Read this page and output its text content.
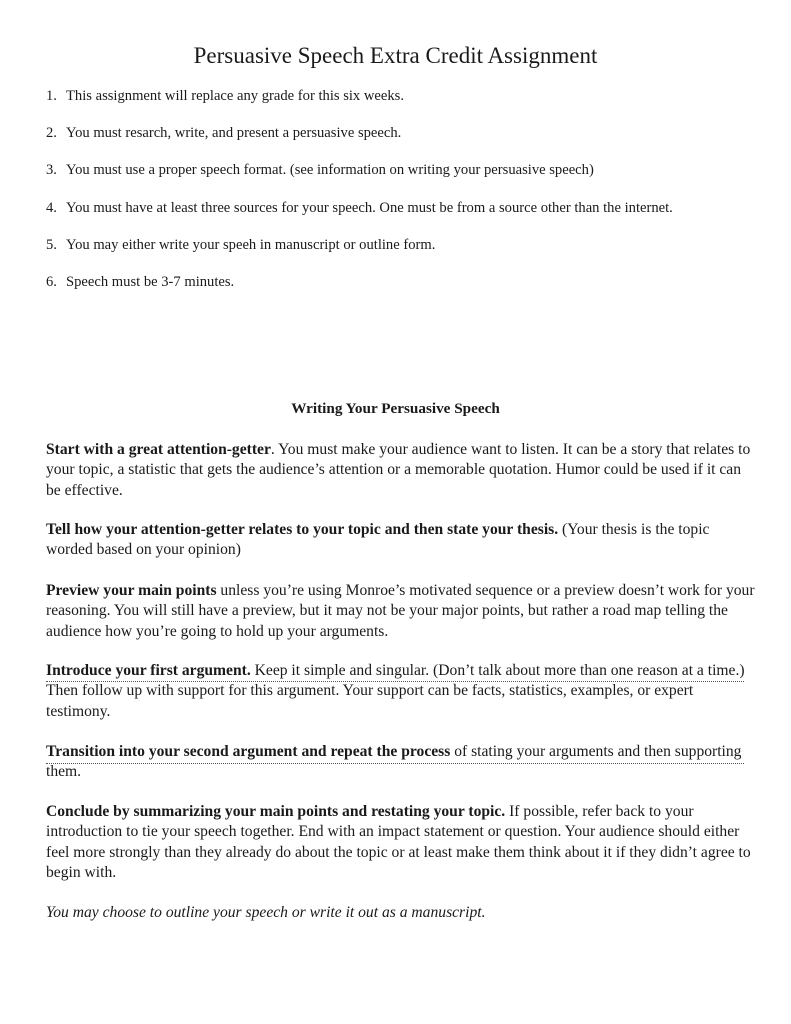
Persuasive Speech Extra Credit Assignment
1. This assignment will replace any grade for this six weeks.
2. You must resarch, write, and present a persuasive speech.
3. You must use a proper speech format. (see information on writing your persuasive speech)
4. You must have at least three sources for your speech. One must be from a source other than the internet.
5. You may either write your speeh in manuscript or outline form.
6. Speech must be 3-7 minutes.
Writing Your Persuasive Speech

Start with a great attention-getter. You must make your audience want to listen. It can be a story that relates to your topic, a statistic that gets the audience’s attention or a memorable quotation. Humor could be used if it can be effective.

Tell how your attention-getter relates to your topic and then state your thesis. (Your thesis is the topic worded based on your opinion)

Preview your main points unless you’re using Monroe’s motivated sequence or a preview doesn’t work for your reasoning. You will still have a preview, but it may not be your major points, but rather a road map telling the audience how you’re going to hold up your arguments.

Introduce your first argument. Keep it simple and singular. (Don’t talk about more than one reason at a time.) Then follow up with support for this argument. Your support can be facts, statistics, examples, or expert testimony.

Transition into your second argument and repeat the process of stating your arguments and then supporting them.

Conclude by summarizing your main points and restating your topic. If possible, refer back to your introduction to tie your speech together. End with an impact statement or question. Your audience should either feel more strongly than they already do about the topic or at least make them think about it if they didn’t agree to begin with.

You may choose to outline your speech or write it out as a manuscript.
